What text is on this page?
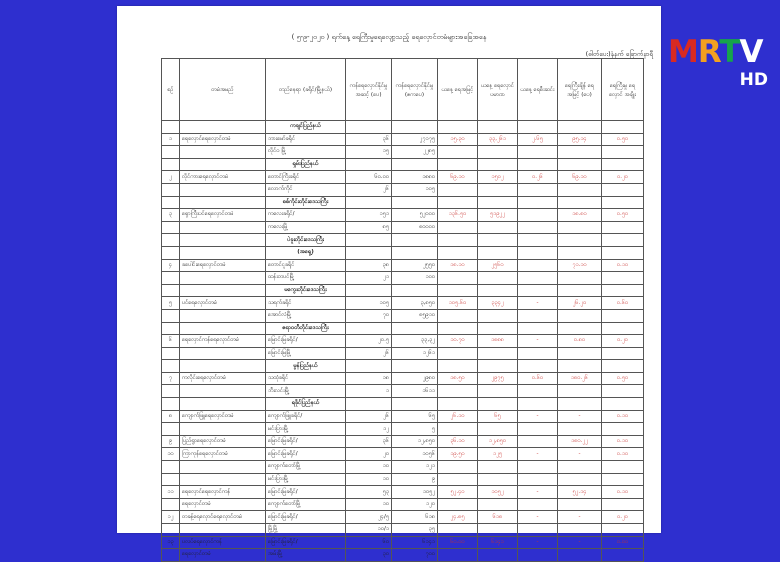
( ၅-၉-၂၀၂၀ ) ရက်နေ့ ရေကြီးမှုရေလျော့သည့် ရေလှောင်တမံများအခြေအနေ
(ဓါတ်ပေး)နံနက် ခြောက်နာရီ
စဉ်	တမံအမည်	တည်နေရာ (ခရိုင်/မြို့နယ်)	ကန်ရေလှောင်နိုင်မှု အဆင့် (ပေ)	ကန်ရေလှောင်နိုင်မှု (ဧကပေ)	ယနေ့ ရေအမြင့်	ယနေ့ ရေလှောင်ပမာဏ	ယနေ့ ရေစီးဆင်း	ရေကြီးချိန် ရေအမြင့် (ပေ)	ရေကြီးမှု ရေလှောင် အချိုး
		ကချင်ပြည်နယ်							
၁	ရေလှောင်ရေလှောင်တမံ	ဘားမော်ခရိုင်	၃၆	၂၇၁၇၅	၁၅.၃၀	၃၃,၂၆၁	၂.၆၅	၉၅.၁၄	၀.၅၀
		လိုင်ဝ မြို့	၁၅	၂၂၈၅					
		ရှမ်းပြည်နယ်							
၂	လိုင်ကားရေလှောင်တမံ	တောင်ကြီးခရိုင်	၆၀.၀၀	၁၈၈၀	၆၉.၁၀	၁၅၀၂	၀.၂၆	၆၉.၁၀	၀.၂၀
		လောက်ကိုင်	၂၆	၁၀၅					
		စစ်ကိုင်းတိုင်းဒေသကြီး							
၃	ရှောကြီးပင်ရေလှောင်တမံ	ကလေးခရိုင်/	၁၅၁	၅၂၀၀၀	၁၃၆.၅၀	၅၁၉၂၂		၁၈.၈၀	၀.၅၀
		ကလေးမြို့	၈၅	၈၀၀၀၀					
		ပဲခူးတိုင်းဒေသကြီး							
		(အရှေ့)							
၄	ခပေါင်းရေလှောင်တမံ	တောင်ငူခရိုင်	၃၈	၂၅၅၀	၁၈.၁၀	၂၅၆၀		၇၁.၁၀	၀.၁၀
		ထန်းတပင်မြို့	၂၁	၁၀၀					
		မကွေးတိုင်းဒေသကြီး							
၅	ပင်ရေလှောင်တမံ	သရက်ခရိုင်	၁၀၅	၃,၈၅၀	၁၀၅.၆၀	၃၃၄၂	-	၂၆.၂၀	၀.၆၀
		အောင်လံမြို့	၇၀	၈၅၉၁၀					
		ဧရာဝတီတိုင်းဒေသကြီး							
၆	ရေလှောင်ကန်ရေလှောင်တမံ	မြောင်းမြခရိုင်/	၂၀.၅	၃၃,၃၂	၁၀.၇၀	၁၈၈၈	-	၀.၈၀	၀.၂၀
		မြောင်းမြမြို့	၂၆	၁၂၆၁					
		မွန်ပြည်နယ်							
၇	ကလိုင်းရေလှောင်တမံ	သထုံခရိုင်	၁၈	၂၉၈၀	၁၈.၅၀	၂၉၇၅	၀.၆၀	၁၈၀.၂၆	၀.၅၀
		ဘီးလင်းမြို့	၁	၁၆၁၁					
		ရခိုင်ပြည်နယ်							
၈	ကျောက်ဖြူရေလှောင်တမံ	ကျောက်ဖြူခရိုင်/	၂၆	၆၅	၂၆.၁၀	၆၅	-	-	၀.၁၀
		မင်းပြားမြို့	၁၂	၅					
၉	ပြည်ရွာရေလှောင်တမံ	မြောင်းမြခရိုင်/	၃၆	၁၂,၈၅၀	၃၆.၁၀	၁၂,၈၅၀		၁၈၀.၂၂	၀.၁၀
၁၀	ကြာကုန်ရေလှောင်တမံ	မြောင်းမြခရိုင်/	၂၀	၁၀၅၆	၁၉.၅၀	၁၂၅	-	-	၀.၁၀
		ကျောက်တော်မြို့	၁၀	၁၂၁					
		မင်းပြားမြို့	၁၀	၉					
၁၁	ရေလှောင်ရေလှောင်ကန်	မြောင်းမြခရိုင်/	၅၃	၁၀၅၂	၅၂.၄၀	၁၀၅၂	-	၅၂.၁၄	၀.၁၀
	ရေလှောင်တမံ	ကျောက်တော်မြို့	၁၀	၁၂၀					
၁၂	တခန့်ရေလှောင်ရေလှောင်တမံ	မြောင်းမြခရိုင်/	၂၄/၅	၆၁၈	၂၄.၈၅	၆၁၈	-	-	၀.၂၀
		မြို့မြို့	၁၀/၁	၃၅					
၁၃	ပလပ်ရေလှောင်ကန်	မြောင်းမြခရိုင်/	၆၀	၆၁၄၁	၆၀.၀၀	၆၁၄၁	-	-	၀.၀၀
	ရေလှောင်တမံ	အမ်းမြို့	၃၀	၇၀၀					
MRTV
HD
